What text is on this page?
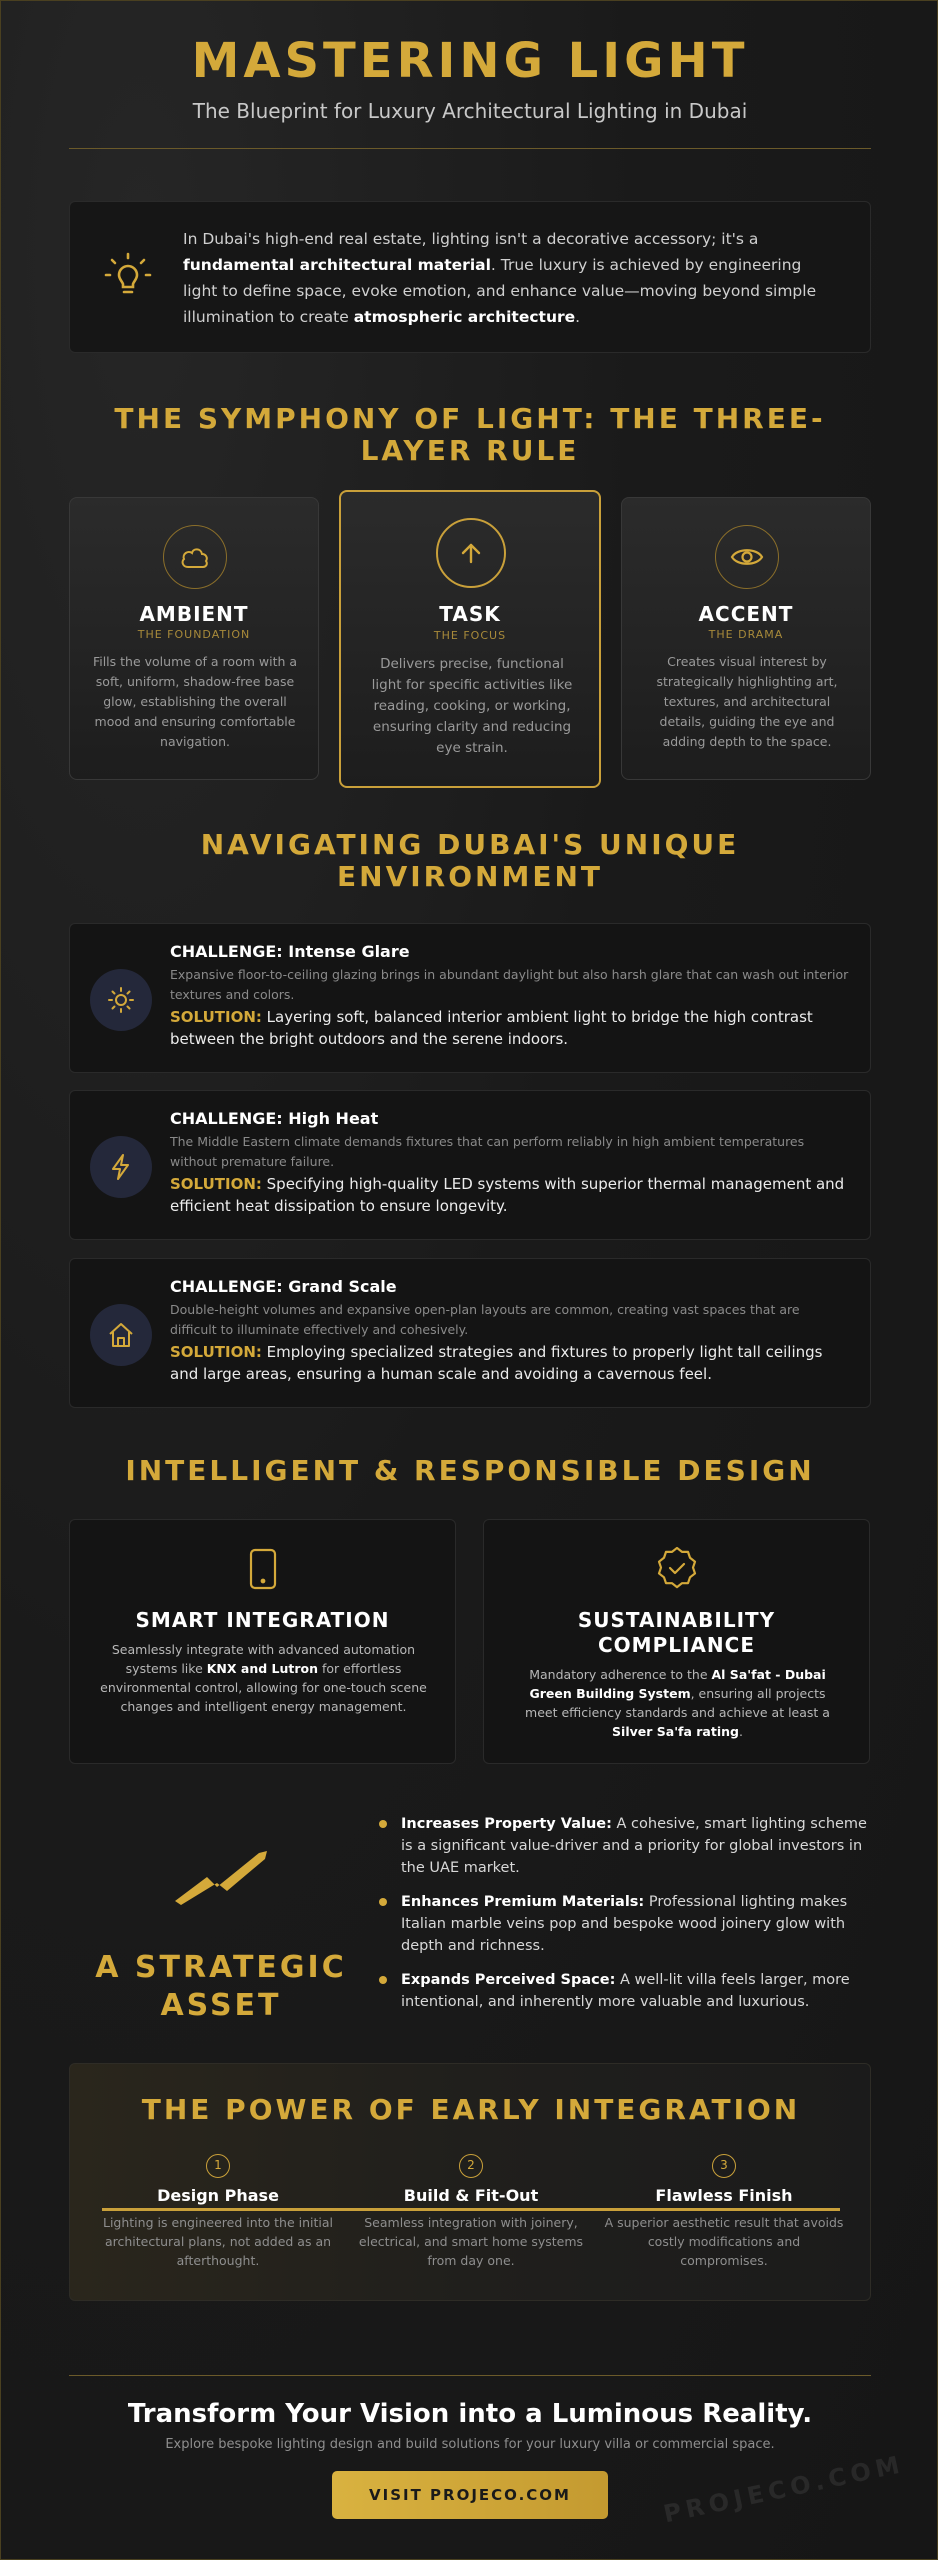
MASTERING LIGHT
The Blueprint for Luxury Architectural Lighting in Dubai
In Dubai's high-end real estate, lighting isn't a decorative accessory; it's a fundamental architectural material. True luxury is achieved by engineering light to define space, evoke emotion, and enhance value—moving beyond simple illumination to create atmospheric architecture.
THE SYMPHONY OF LIGHT: THE THREE-
LAYER RULE
AMBIENT
THE FOUNDATION
Fills the volume of a room with a soft, uniform, shadow-free base glow, establishing the overall mood and ensuring comfortable navigation.
TASK
THE FOCUS
Delivers precise, functional light for specific activities like reading, cooking, or working, ensuring clarity and reducing eye strain.
ACCENT
THE DRAMA
Creates visual interest by strategically highlighting art, textures, and architectural details, guiding the eye and adding depth to the space.
NAVIGATING DUBAI'S UNIQUE
ENVIRONMENT
CHALLENGE: Intense Glare
Expansive floor-to-ceiling glazing brings in abundant daylight but also harsh glare that can wash out interior textures and colors.
SOLUTION: Layering soft, balanced interior ambient light to bridge the high contrast between the bright outdoors and the serene indoors.
CHALLENGE: High Heat
The Middle Eastern climate demands fixtures that can perform reliably in high ambient temperatures without premature failure.
SOLUTION: Specifying high-quality LED systems with superior thermal management and efficient heat dissipation to ensure longevity.
CHALLENGE: Grand Scale
Double-height volumes and expansive open-plan layouts are common, creating vast spaces that are difficult to illuminate effectively and cohesively.
SOLUTION: Employing specialized strategies and fixtures to properly light tall ceilings and large areas, ensuring a human scale and avoiding a cavernous feel.
INTELLIGENT & RESPONSIBLE DESIGN
SMART INTEGRATION
Seamlessly integrate with advanced automation systems like KNX and Lutron for effortless environmental control, allowing for one-touch scene changes and intelligent energy management.
SUSTAINABILITY
COMPLIANCE
Mandatory adherence to the Al Sa'fat - Dubai Green Building System, ensuring all projects meet efficiency standards and achieve at least a Silver Sa'fa rating.
A STRATEGIC
ASSET
Increases Property Value: A cohesive, smart lighting scheme is a significant value-driver and a priority for global investors in the UAE market.
Enhances Premium Materials: Professional lighting makes Italian marble veins pop and bespoke wood joinery glow with depth and richness.
Expands Perceived Space: A well-lit villa feels larger, more intentional, and inherently more valuable and luxurious.
THE POWER OF EARLY INTEGRATION
1
Design Phase
Lighting is engineered into the initial architectural plans, not added as an afterthought.
2
Build & Fit-Out
Seamless integration with joinery, electrical, and smart home systems from day one.
3
Flawless Finish
A superior aesthetic result that avoids costly modifications and compromises.
Transform Your Vision into a Luminous Reality.
Explore bespoke lighting design and build solutions for your luxury villa or commercial space.
VISIT PROJECO.COM	PROJECO.COM
